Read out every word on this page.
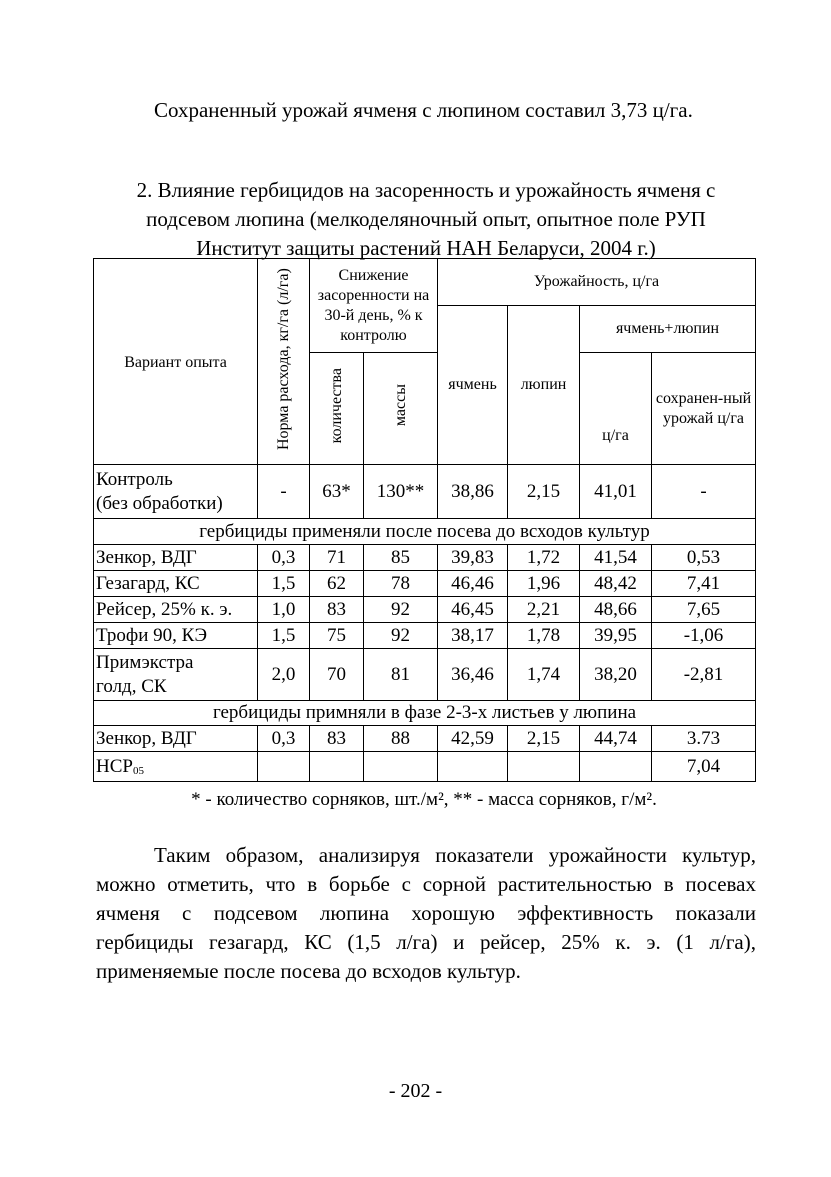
Сохраненный урожай ячменя с люпином составил 3,73 ц/га.
2. Влияние гербицидов на засоренность и урожайность ячменя с
подсевом люпина (мелкоделяночный опыт, опытное поле РУП
Институт защиты растений НАН Беларуси, 2004 г.)
Вариант опыта	Норма расхода, кг/га (л/га)	Снижение засоренности на 30-й день, % к контролю		Урожайность, ц/га			
				ячмень	люпин	ячмень+люпин	
		количества	массы			ц/га	сохранен-ный урожай ц/га
Контроль
(без обработки)	-	63*	130**	38,86	2,15	41,01	-
гербициды применяли после посева до всходов культур							
Зенкор, ВДГ	0,3	71	85	39,83	1,72	41,54	0,53
Гезагард, КС	1,5	62	78	46,46	1,96	48,42	7,41
Рейсер, 25% к. э.	1,0	83	92	46,45	2,21	48,66	7,65
Трофи 90, КЭ	1,5	75	92	38,17	1,78	39,95	-1,06
Примэкстра
голд, СК	2,0	70	81	36,46	1,74	38,20	-2,81
гербициды примняли в фазе 2-3-х листьев у люпина							
Зенкор, ВДГ	0,3	83	88	42,59	2,15	44,74	3.73
НСР05							7,04
* - количество сорняков, шт./м², ** - масса сорняков, г/м².
Таким образом, анализируя показатели урожайности культур, можно отметить, что в борьбе с сорной растительностью в посевах ячменя с подсевом люпина хорошую эффективность показали гербициды гезагард, КС (1,5 л/га) и рейсер, 25% к. э. (1 л/га), применяемые после посева до всходов культур.
- 202 -
